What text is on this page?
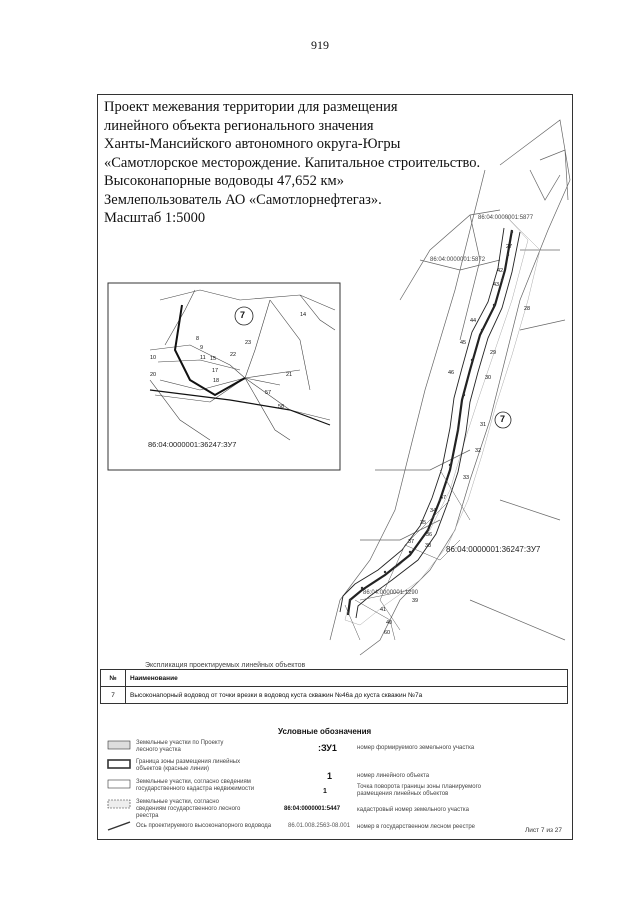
919
Проект межевания территории для размещения
линейного объекта регионального значения
Ханты-Мансийского автономного округа-Югры
«Самотлорское месторождение. Капитальное строительство.
Высоконапорные водоводы 47,652 км»
Землепользователь АО «Самотлорнефтегаз».
Масштаб 1:5000	86:04:0000001:5877
86:04:0000001:5872
86:04:0000001:36247:ЗУ7
86:04:0000001:1290
86:04:0000001:36247:ЗУ7
7
7
27
28
29
30
31
32
33
34
35
36
37
38
39
40
41
60
42
43
44
45
46
47
8
9
10	11
14
15
22
23
17
18
21
57
58
20
Экспликация проектируемых линейных объектов
№	Наименование
7	Высоконапорный водовод от точки врезки в водовод куста скважин №46а до куста скважин №7а
Условные обозначения
Земельные участки по Проекту лесного участка
Граница зоны размещения линейных объектов (красные линии)
Земельные участки, согласно сведениям государственного кадастра недвижимости
Земельные участки, согласно сведениям государственного лесного реестра
Ось проектируемого высоконапорного водовода
:ЗУ1
1
1
86:04:0000001:5447
86.01.008.2563-08.001
номер формируемого земельного участка
номер линейного объекта
Точка поворота границы зоны планируемого размещения линейных объектов
кадастровый номер земельного участка
номер в государственном лесном реестре	Лист 7 из 27
